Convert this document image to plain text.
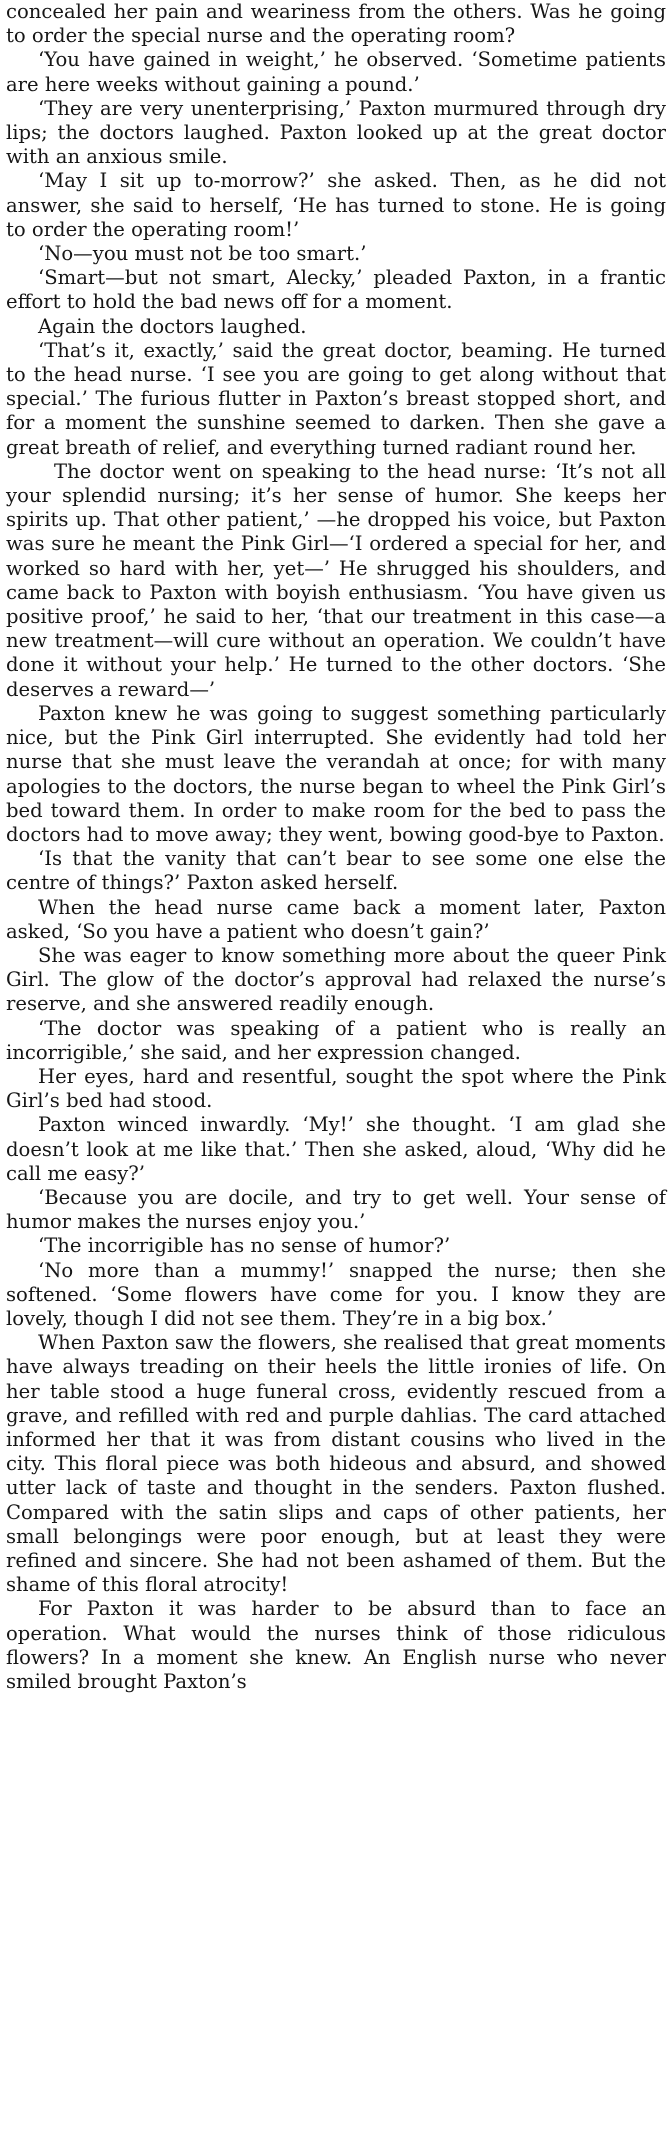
concealed her pain and weariness from the others. Was he going to order the special nurse and the operating room?

‘You have gained in weight,’ he observed. ‘Sometime patients are here weeks without gaining a pound.’

‘They are very unenterprising,’ Paxton murmured through dry lips; the doctors laughed. Paxton looked up at the great doctor with an anxious smile.

‘May I sit up to-morrow?’ she asked. Then, as he did not answer, she said to herself, ‘He has turned to stone. He is going to order the operating room!’

‘No—you must not be too smart.’

‘Smart—but not smart, Alecky,’ pleaded Paxton, in a frantic effort to hold the bad news off for a moment.

Again the doctors laughed.

‘That’s it, exactly,’ said the great doctor, beaming. He turned to the head nurse. ‘I see you are going to get along without that special.’ The furious flutter in Paxton’s breast stopped short, and for a moment the sunshine seemed to darken. Then she gave a great breath of relief, and everything turned radiant round her.

The doctor went on speaking to the head nurse: ‘It’s not all your splendid nursing; it’s her sense of humor. She keeps her spirits up. That other patient,’ —he dropped his voice, but Paxton was sure he meant the Pink Girl—‘I ordered a special for her, and worked so hard with her, yet—’ He shrugged his shoulders, and came back to Paxton with boyish enthusiasm. ‘You have given us positive proof,’ he said to her, ‘that our treatment in this case—a new treatment—will cure without an operation. We couldn’t have done it without your help.’ He turned to the other doctors. ‘She deserves a reward—’

Paxton knew he was going to suggest something particularly nice, but the Pink Girl interrupted. She evidently had told her nurse that she must leave the verandah at once; for with many apologies to the doctors, the nurse began to wheel the Pink Girl’s bed toward them. In order to make room for the bed to pass the doctors had to move away; they went, bowing good-bye to Paxton.

‘Is that the vanity that can’t bear to see some one else the centre of things?’ Paxton asked herself.

When the head nurse came back a moment later, Paxton asked, ‘So you have a patient who doesn’t gain?’

She was eager to know something more about the queer Pink Girl. The glow of the doctor’s approval had relaxed the nurse’s reserve, and she answered readily enough.

‘The doctor was speaking of a patient who is really an incorrigible,’ she said, and her expression changed.

Her eyes, hard and resentful, sought the spot where the Pink Girl’s bed had stood.

Paxton winced inwardly. ‘My!’ she thought. ‘I am glad she doesn’t look at me like that.’ Then she asked, aloud, ‘Why did he call me easy?’

‘Because you are docile, and try to get well. Your sense of humor makes the nurses enjoy you.’

‘The incorrigible has no sense of humor?’

‘No more than a mummy!’ snapped the nurse; then she softened. ‘Some flowers have come for you. I know they are lovely, though I did not see them. They’re in a big box.’

When Paxton saw the flowers, she realised that great moments have always treading on their heels the little ironies of life. On her table stood a huge funeral cross, evidently rescued from a grave, and refilled with red and purple dahlias. The card attached informed her that it was from distant cousins who lived in the city. This floral piece was both hideous and absurd, and showed utter lack of taste and thought in the senders. Paxton flushed. Compared with the satin slips and caps of other patients, her small belongings were poor enough, but at least they were refined and sincere. She had not been ashamed of them. But the shame of this floral atrocity!

For Paxton it was harder to be absurd than to face an operation. What would the nurses think of those ridiculous flowers? In a moment she knew. An English nurse who never smiled brought Paxton’s
